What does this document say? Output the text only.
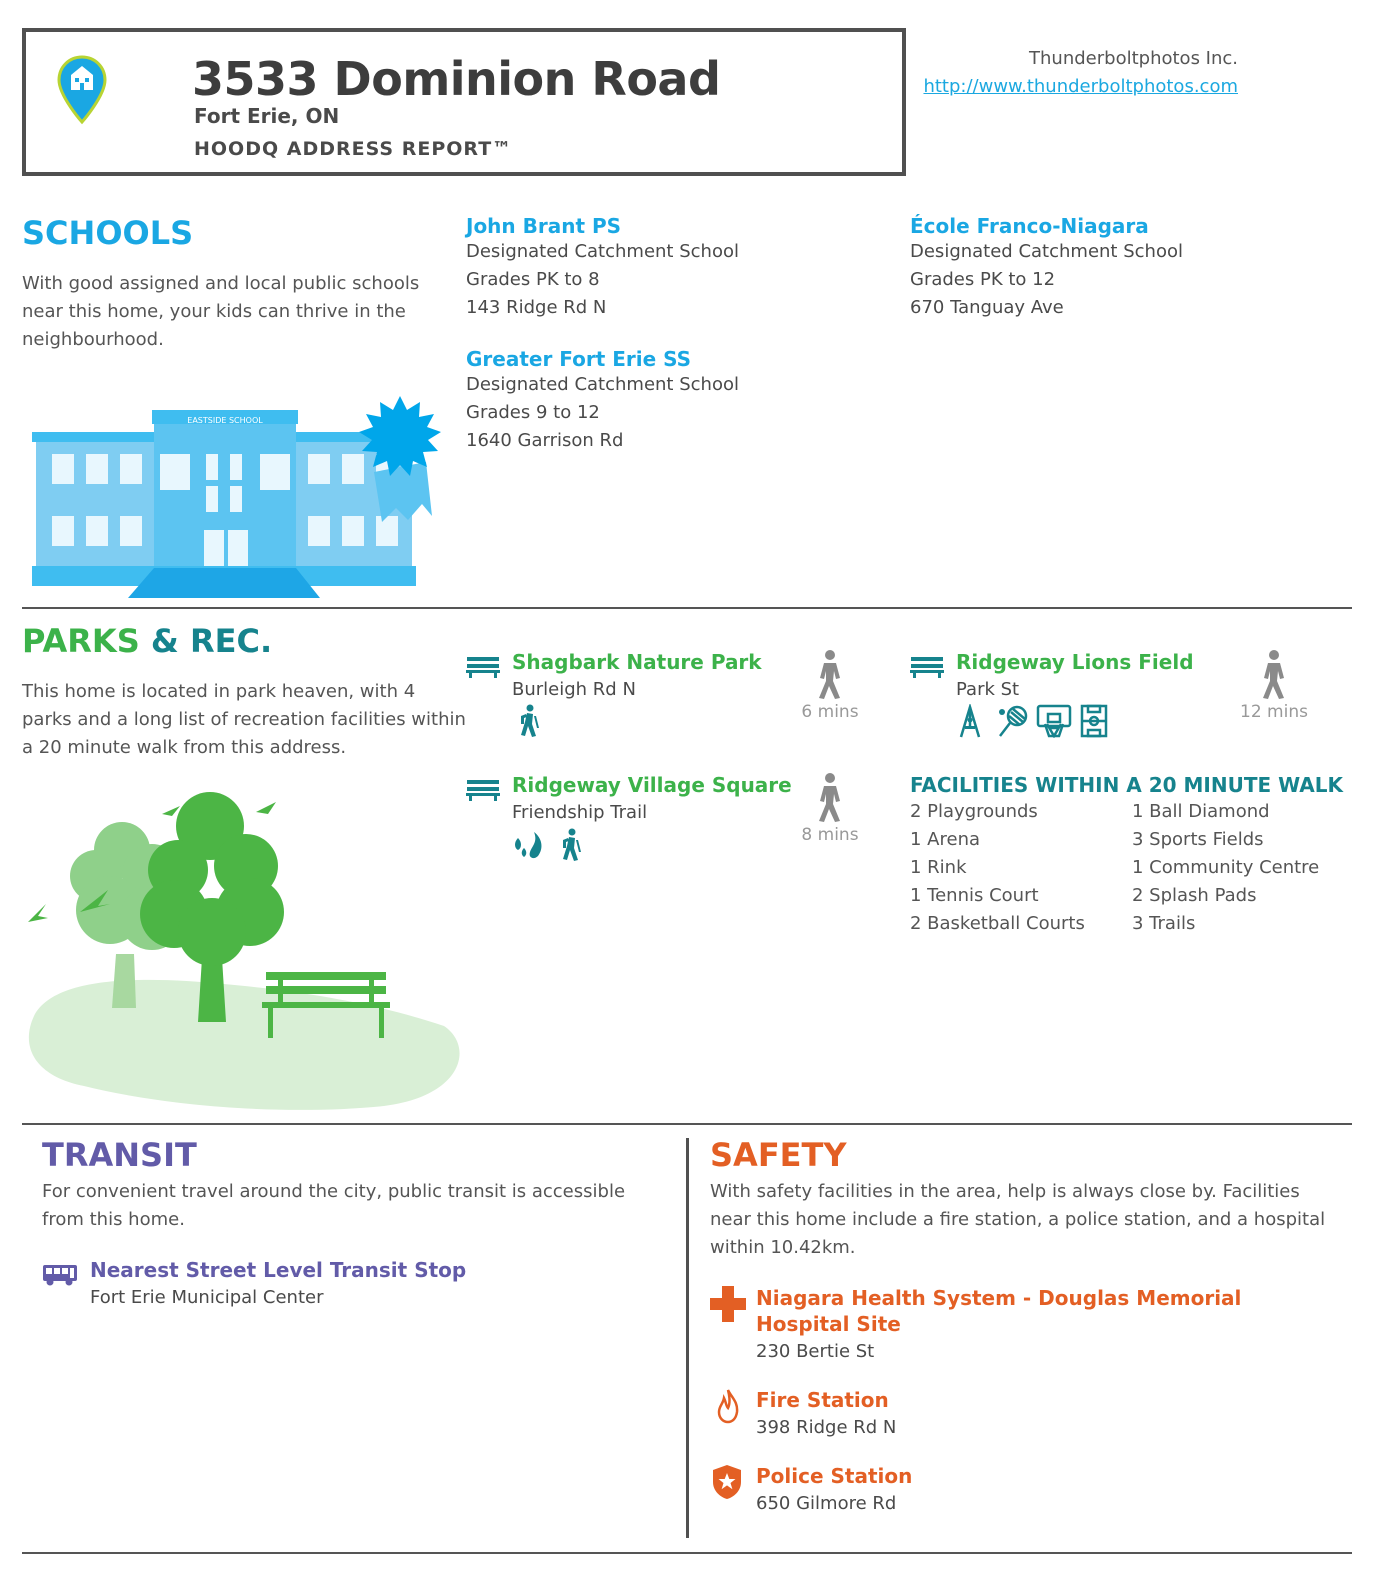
3533 Dominion Road
Fort Erie, ON
HOODQ ADDRESS REPORT™
Thunderboltphotos Inc.
http://www.thunderboltphotos.com
SCHOOLS
With good assigned and local public schools near this home, your kids can thrive in the neighbourhood.
John Brant PS
Designated Catchment School
Grades PK to 8
143 Ridge Rd N
École Franco-Niagara
Designated Catchment School
Grades PK to 12
670 Tanguay Ave
Greater Fort Erie SS
Designated Catchment School
Grades 9 to 12
1640 Garrison Rd
EASTSIDE SCHOOL
PARKS & REC.
This home is located in park heaven, with 4 parks and a long list of recreation facilities within a 20 minute walk from this address.
Shagbark Nature Park
Burleigh Rd N
6 mins
Ridgeway Lions Field
Park St
12 mins
Ridgeway Village Square
Friendship Trail
8 mins
FACILITIES WITHIN A 20 MINUTE WALK
2 Playgrounds
1 Arena
1 Rink
1 Tennis Court
2 Basketball Courts
1 Ball Diamond
3 Sports Fields
1 Community Centre
2 Splash Pads
3 Trails
TRANSIT
For convenient travel around the city, public transit is accessible from this home.
Nearest Street Level Transit Stop
Fort Erie Municipal Center
SAFETY
With safety facilities in the area, help is always close by. Facilities near this home include a fire station, a police station, and a hospital within 10.42km.
Niagara Health System - Douglas Memorial
Hospital Site
230 Bertie St
Fire Station
398 Ridge Rd N
Police Station
650 Gilmore Rd
